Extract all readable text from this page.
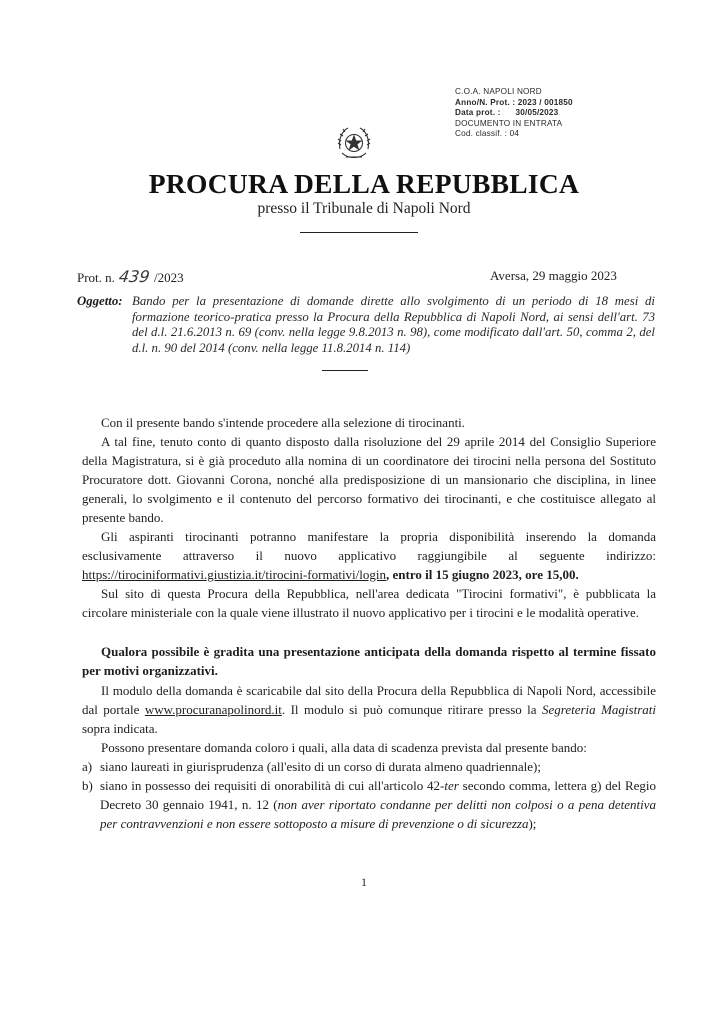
C.O.A. NAPOLI NORD
Anno/N. Prot. : 2023 / 001850
Data prot. :      30/05/2023
DOCUMENTO IN ENTRATA
Cod. classif. : 04
PROCURA DELLA REPUBBLICA
presso il Tribunale di Napoli Nord
Prot. n. 439 /2023	Aversa, 29 maggio 2023
Oggetto: Bando per la presentazione di domande dirette allo svolgimento di un periodo di 18 mesi di formazione teorico-pratica presso la Procura della Repubblica di Napoli Nord, ai sensi dell'art. 73 del d.l. 21.6.2013 n. 69 (conv. nella legge 9.8.2013 n. 98), come modificato dall'art. 50, comma 2, del d.l. n. 90 del 2014 (conv. nella legge 11.8.2014 n. 114)
Con il presente bando s'intende procedere alla selezione di tirocinanti.
A tal fine, tenuto conto di quanto disposto dalla risoluzione del 29 aprile 2014 del Consiglio Superiore della Magistratura, si è già proceduto alla nomina di un coordinatore dei tirocini nella persona del Sostituto Procuratore dott. Giovanni Corona, nonché alla predisposizione di un mansionario che disciplina, in linee generali, lo svolgimento e il contenuto del percorso formativo dei tirocinanti, e che costituisce allegato al presente bando.
Gli aspiranti tirocinanti potranno manifestare la propria disponibilità inserendo la domanda esclusivamente attraverso il nuovo applicativo raggiungibile al seguente indirizzo: https://tirociniformativi.giustizia.it/tirocini-formativi/login, entro il 15 giugno 2023, ore 15,00.
Sul sito di questa Procura della Repubblica, nell'area dedicata "Tirocini formativi", è pubblicata la circolare ministeriale con la quale viene illustrato il nuovo applicativo per i tirocini e le modalità operative.
Qualora possibile è gradita una presentazione anticipata della domanda rispetto al termine fissato per motivi organizzativi.
Il modulo della domanda è scaricabile dal sito della Procura della Repubblica di Napoli Nord, accessibile dal portale www.procuranapolinord.it. Il modulo si può comunque ritirare presso la Segreteria Magistrati sopra indicata.
Possono presentare domanda coloro i quali, alla data di scadenza prevista dal presente bando:
a) siano laureati in giurisprudenza (all'esito di un corso di durata almeno quadriennale);
b) siano in possesso dei requisiti di onorabilità di cui all'articolo 42-ter secondo comma, lettera g) del Regio Decreto 30 gennaio 1941, n. 12 (non aver riportato condanne per delitti non colposi o a pena detentiva per contravvenzioni e non essere sottoposto a misure di prevenzione o di sicurezza);
1
